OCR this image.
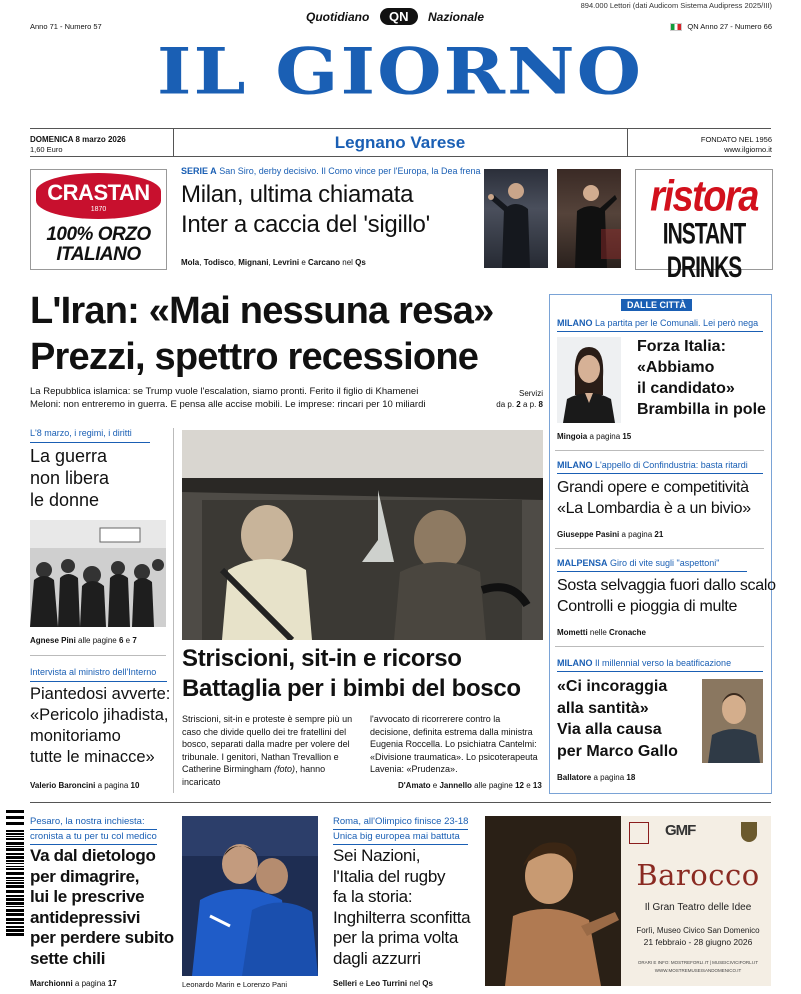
Quotidiano	QN	Nazionale
894.000 Lettori (dati Audicom Sistema Audipress 2025/III)
Anno 71 - Numero 57	QN Anno 27 - Numero 66
IL GIORNO
DOMENICA 8 marzo 2026
1,60 Euro	Legnano Varese	FONDATO NEL 1956
www.ilgiorno.it
CRASTAN
1870
100% ORZO
ITALIANO
SERIE A San Siro, derby decisivo. Il Como vince per l'Europa, la Dea frena
Milan, ultima chiamata
Inter a caccia del 'sigillo'
Mola, Todisco, Mignani, Levrini e Carcano nel Qs
ristora
INSTANT DRINKS
L'Iran: «Mai nessuna resa»
Prezzi, spettro recessione
La Repubblica islamica: se Trump vuole l'escalation, siamo pronti. Ferito il figlio di Khamenei
Meloni: non entreremo in guerra. E pensa alle accise mobili. Le imprese: rincari per 10 miliardi
Servizi
da p. 2 a p. 8
L'8 marzo, i regimi, i diritti
La guerra
non libera
le donne
Agnese Pini alle pagine 6 e 7
Intervista al ministro dell'Interno
Piantedosi avverte:
«Pericolo jihadista,
monitoriamo
tutte le minacce»
Valerio Baroncini a pagina 10
Striscioni, sit-in e ricorso
Battaglia per i bimbi del bosco
Striscioni, sit-in e proteste è sempre più un caso che divide quello dei tre fratellini del bosco, separati dalla madre per volere del tribunale. I genitori, Nathan Trevallion e Catherine Birmingham (foto), hanno incaricato
l'avvocato di ricorrerere contro la decisione, definita estrema dalla ministra Eugenia Roccella. Lo psichiatra Cantelmi: «Divisione traumatica». Lo psicoterapeuta Lavenia: «Prudenza».
D'Amato e Jannello alle pagine 12 e 13
DALLE CITTÀ
MILANO La partita per le Comunali. Lei però nega
Forza Italia:
«Abbiamo
il candidato»
Brambilla in pole
Mingoia a pagina 15
MILANO L'appello di Confindustria: basta ritardi
Grandi opere e competitività
«La Lombardia è a un bivio»
Giuseppe Pasini a pagina 21
MALPENSA Giro di vite sugli "aspettoni"
Sosta selvaggia fuori dallo scalo
Controlli e pioggia di multe
Mometti nelle Cronache
MILANO Il millennial verso la beatificazione
«Ci incoraggia
alla santità»
Via alla causa
per Marco Gallo
Ballatore a pagina 18
Pesaro, la nostra inchiesta:
cronista a tu per tu col medico
Va dal dietologo
per dimagrire,
lui le prescrive
antidepressivi
per perdere subito
sette chili
Marchionni a pagina 17	Leonardo Marin e Lorenzo Pani
Roma, all'Olimpico finisce 23-18
Unica big europea mai battuta
Sei Nazioni,
l'Italia del rugby
fa la storia:
Inghilterra sconfitta
per la prima volta
dagli azzurri
Selleri e Leo Turrini nel Qs
GMF
Barocco
Il Gran Teatro delle Idee
Forlì, Museo Civico San Domenico
21 febbraio - 28 giugno 2026
ORARI E INFO: MOSTREFORLI.IT | MUSEICIVICIFORLI.IT
WWW.MOSTREMUSEISANDOMENICO.IT
